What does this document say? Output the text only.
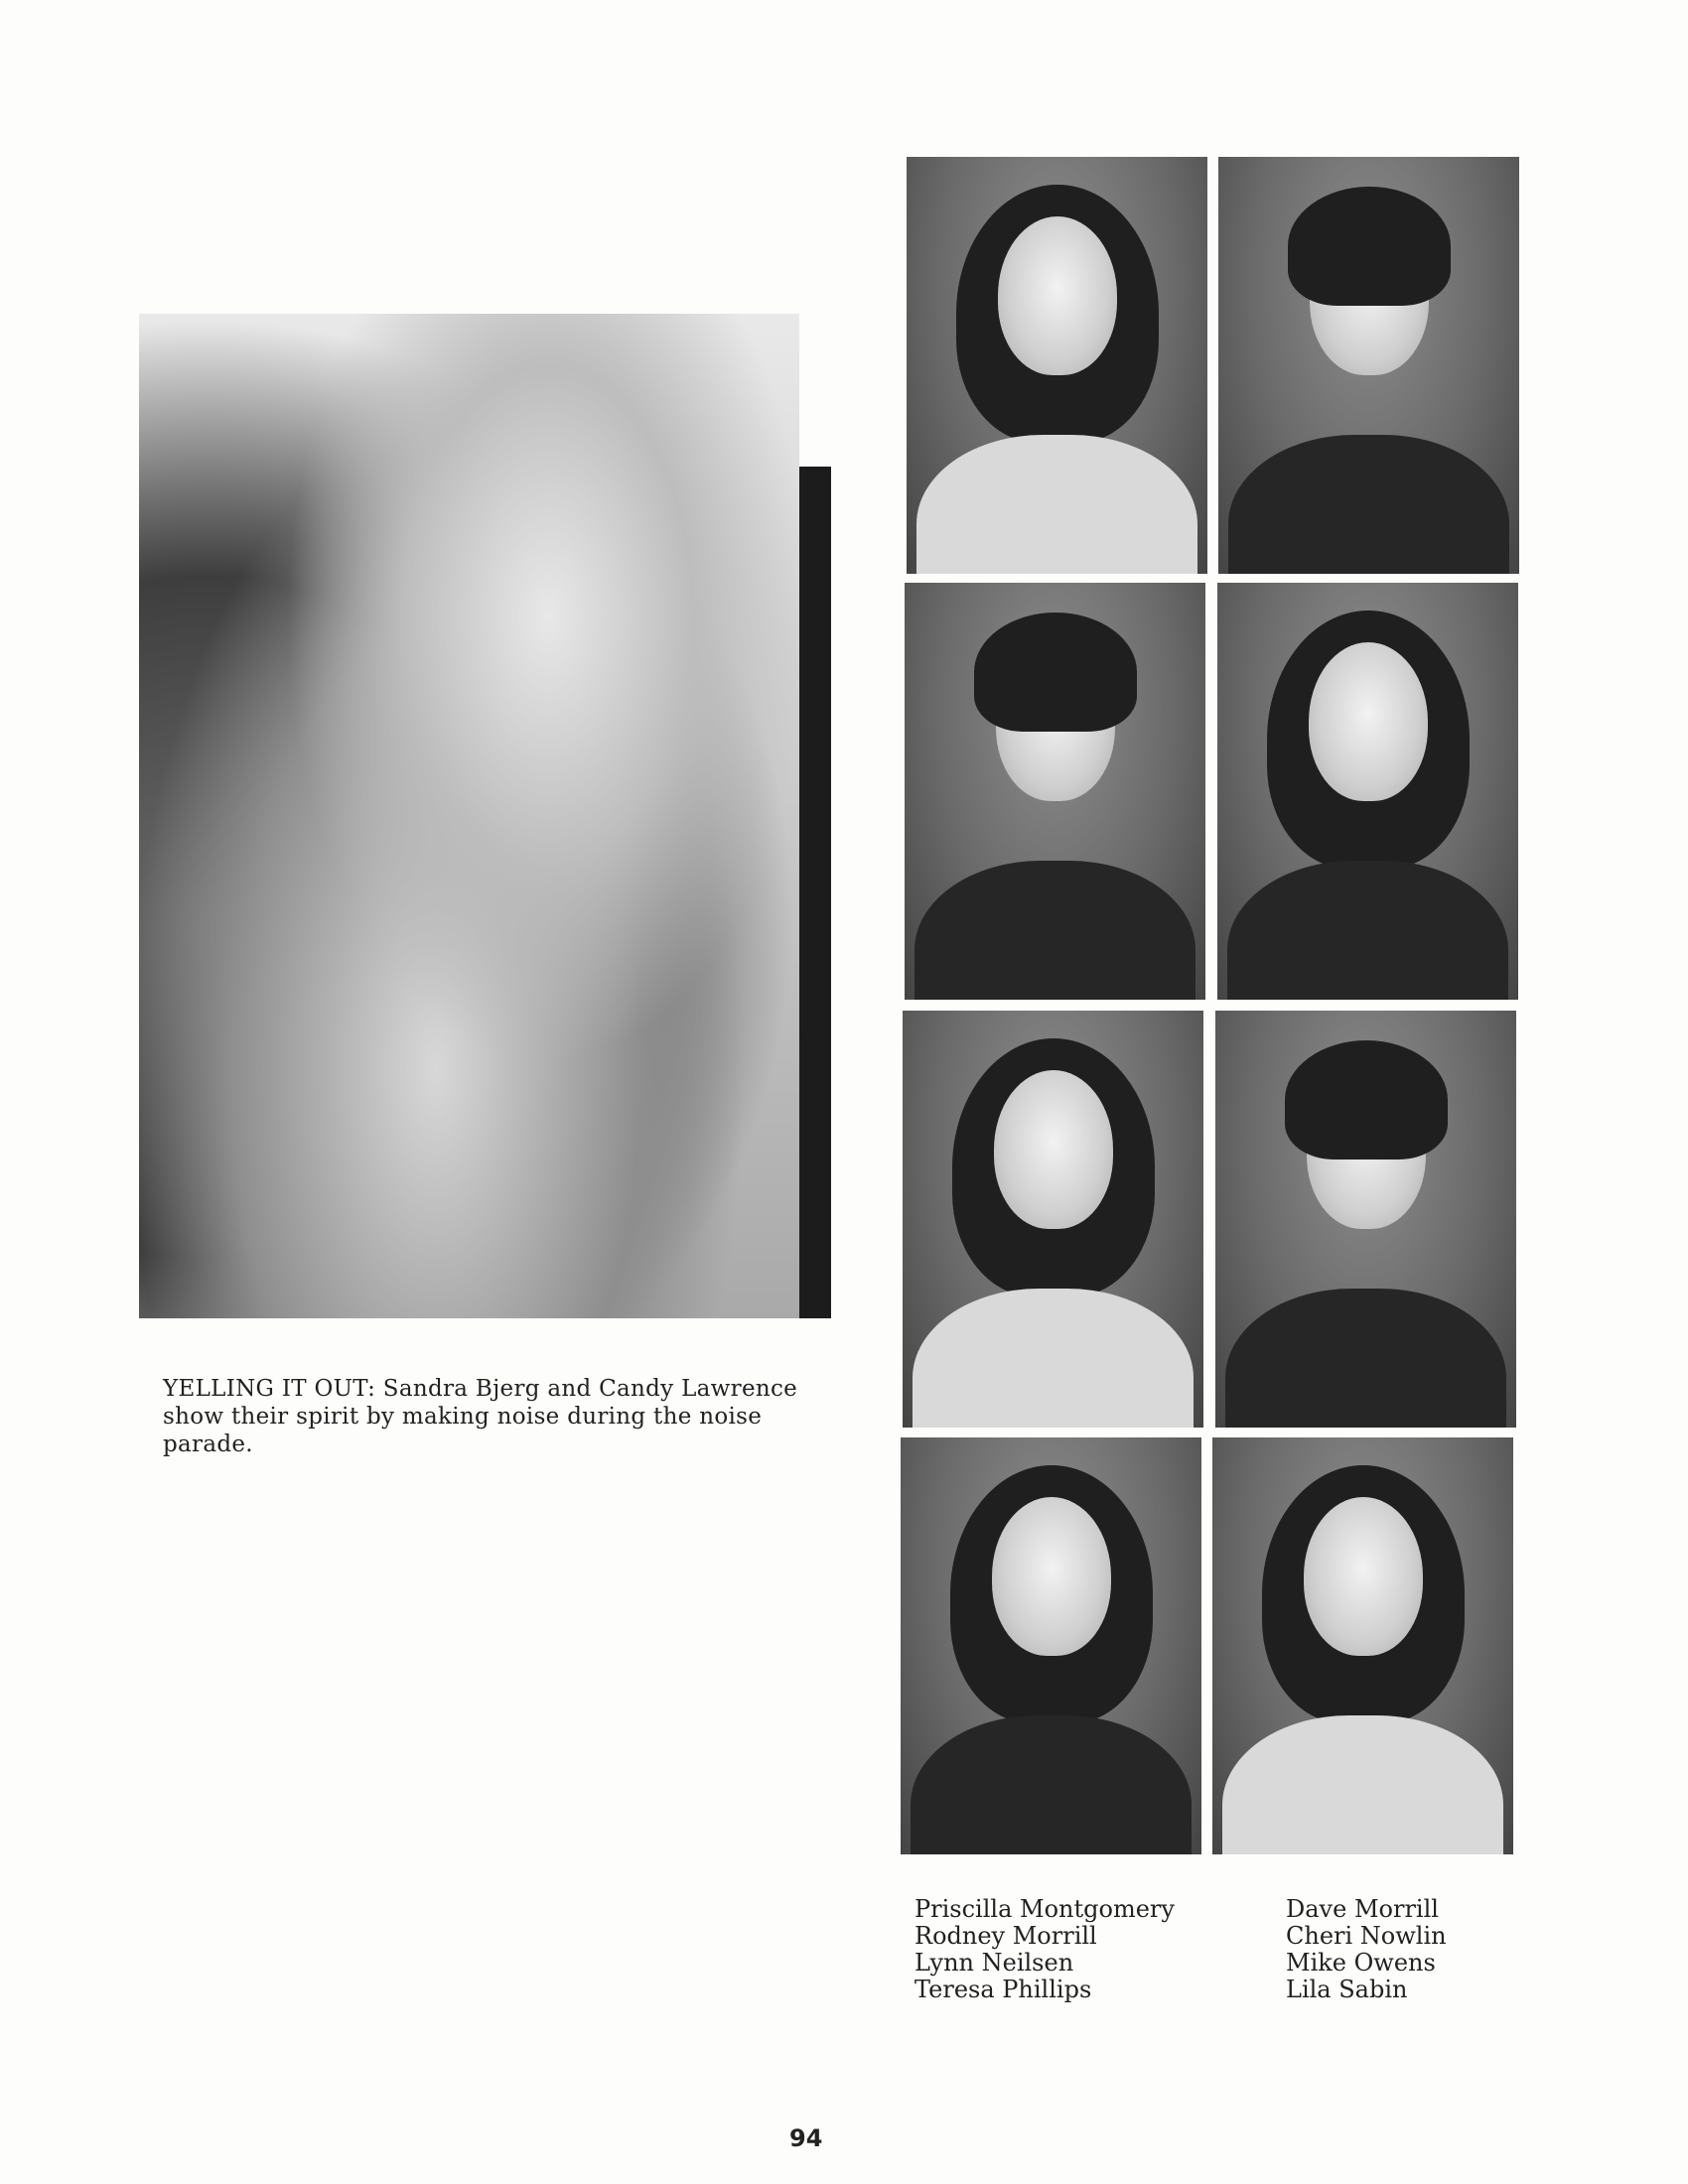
YELLING IT OUT: Sandra Bjerg and Candy Lawrence show their spirit by making noise during the noise parade.

Priscilla Montgomery
Rodney Morrill
Lynn Neilsen
Teresa Phillips
Dave Morrill
Cheri Nowlin
Mike Owens
Lila Sabin
94
